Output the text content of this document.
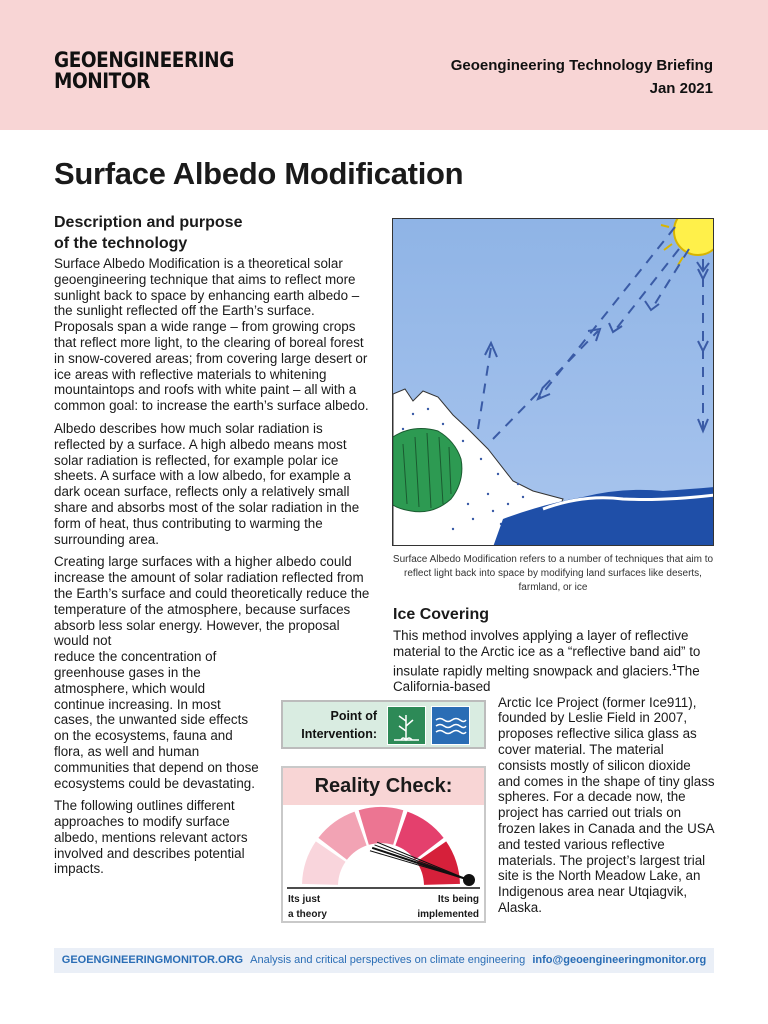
GEOENGINEERING
MONITOR
Geoengineering Technology Briefing
Jan 2021
Surface Albedo Modification
Description and purpose
of the technology

Surface Albedo Modification is a theoretical solar geoengineering technique that aims to reflect more sunlight back to space by enhancing earth albedo – the sunlight reflected off the Earth’s surface. Proposals span a wide range – from growing crops that reflect more light, to the clearing of boreal forest in snow-covered areas; from covering large desert or ice areas with reflective materials to whitening mountaintops and roofs with white paint – all with a common goal: to increase the earth’s surface albedo.

Albedo describes how much solar radiation is reflected by a surface. A high albedo means most solar radiation is reflected, for example polar ice sheets. A surface with a low albedo, for example a dark ocean surface, reflects only a relatively small share and absorbs most of the solar radiation in the form of heat, thus contributing to warming the surrounding area.

Creating large surfaces with a higher albedo could increase the amount of solar radiation reflected from the Earth’s surface and could theoretically reduce the temperature of the atmosphere, because surfaces absorb less solar energy. However, the proposal would not

reduce the concentration of greenhouse gases in the atmosphere, which would continue increasing. In most cases, the unwanted side effects on the ecosystems, fauna and flora, as well and human communities that depend on those ecosystems could be devastating.

The following outlines different approaches to modify surface albedo, mentions relevant actors involved and describes potential impacts.

Surface Albedo Modification refers to a number of techniques that aim to reflect light back into space by modifying land surfaces like deserts, farmland, or ice
Ice Covering

This method involves applying a layer of reflective material to the Arctic ice as a “reflective band aid” to insulate rapidly melting snowpack and glaciers.$^1$The California-based

Arctic Ice Project (former Ice911), founded by Leslie Field in 2007, proposes reflective silica glass as cover material. The material consists mostly of silicon dioxide and comes in the shape of tiny glass spheres. For a decade now, the project has carried out trials on frozen lakes in Canada and the USA and tested various reflective materials. The project’s largest trial site is the North Meadow Lake, an Indigenous area near Utqiagvik, Alaska.

Point of
Intervention:
Reality Check:
Its just
a theory
Its being
implemented
GEOENGINEERINGMONITOR.ORG Analysis and critical perspectives on climate engineering info@geoengineeringmonitor.org
